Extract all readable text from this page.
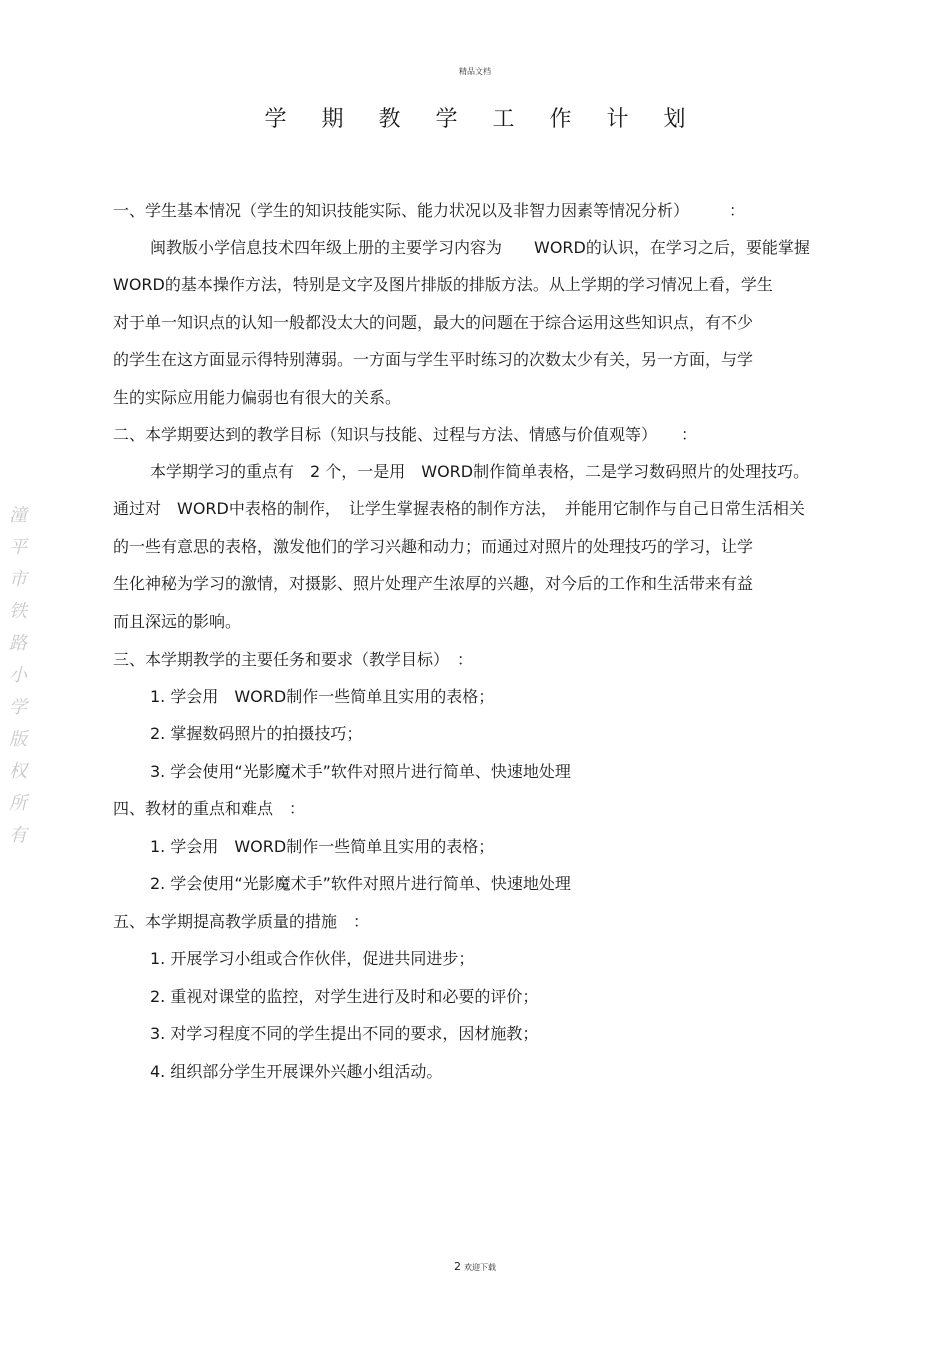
精品文档
学 期 教 学 工 作 计 划
潼
平
市
铁
路
小
学
版
权
所
有
一、学生基本情况（学生的知识技能实际、能力状况以及非智力因素等情况分析）　　　：
闽教版小学信息技术四年级上册的主要学习内容为　　WORD的认识，在学习之后，要能掌握
WORD的基本操作方法，特别是文字及图片排版的排版方法。从上学期的学习情况上看，学生
对于单一知识点的认知一般都没太大的问题，最大的问题在于综合运用这些知识点，有不少
的学生在这方面显示得特别薄弱。一方面与学生平时练习的次数太少有关，另一方面，与学
生的实际应用能力偏弱也有很大的关系。
二、本学期要达到的教学目标（知识与技能、过程与方法、情感与价值观等）　　：
本学期学习的重点有　2 个，一是用　WORD制作简单表格，二是学习数码照片的处理技巧。
通过对　WORD中表格的制作，　让学生掌握表格的制作方法，　并能用它制作与自己日常生活相关
的一些有意思的表格，激发他们的学习兴趣和动力；而通过对照片的处理技巧的学习，让学
生化神秘为学习的激情，对摄影、照片处理产生浓厚的兴趣，对今后的工作和生活带来有益
而且深远的影响。
三、本学期教学的主要任务和要求（教学目标）　：
1. 学会用　WORD制作一些简单且实用的表格；
2. 掌握数码照片的拍摄技巧；
3. 学会使用“光影魔术手”软件对照片进行简单、快速地处理
四、教材的重点和难点　：
1. 学会用　WORD制作一些简单且实用的表格；
2. 学会使用“光影魔术手”软件对照片进行简单、快速地处理
五、本学期提高教学质量的措施　：
1. 开展学习小组或合作伙伴，促进共同进步；
2. 重视对课堂的监控，对学生进行及时和必要的评价；
3. 对学习程度不同的学生提出不同的要求，因材施教；
4. 组织部分学生开展课外兴趣小组活动。
2 欢迎下载
